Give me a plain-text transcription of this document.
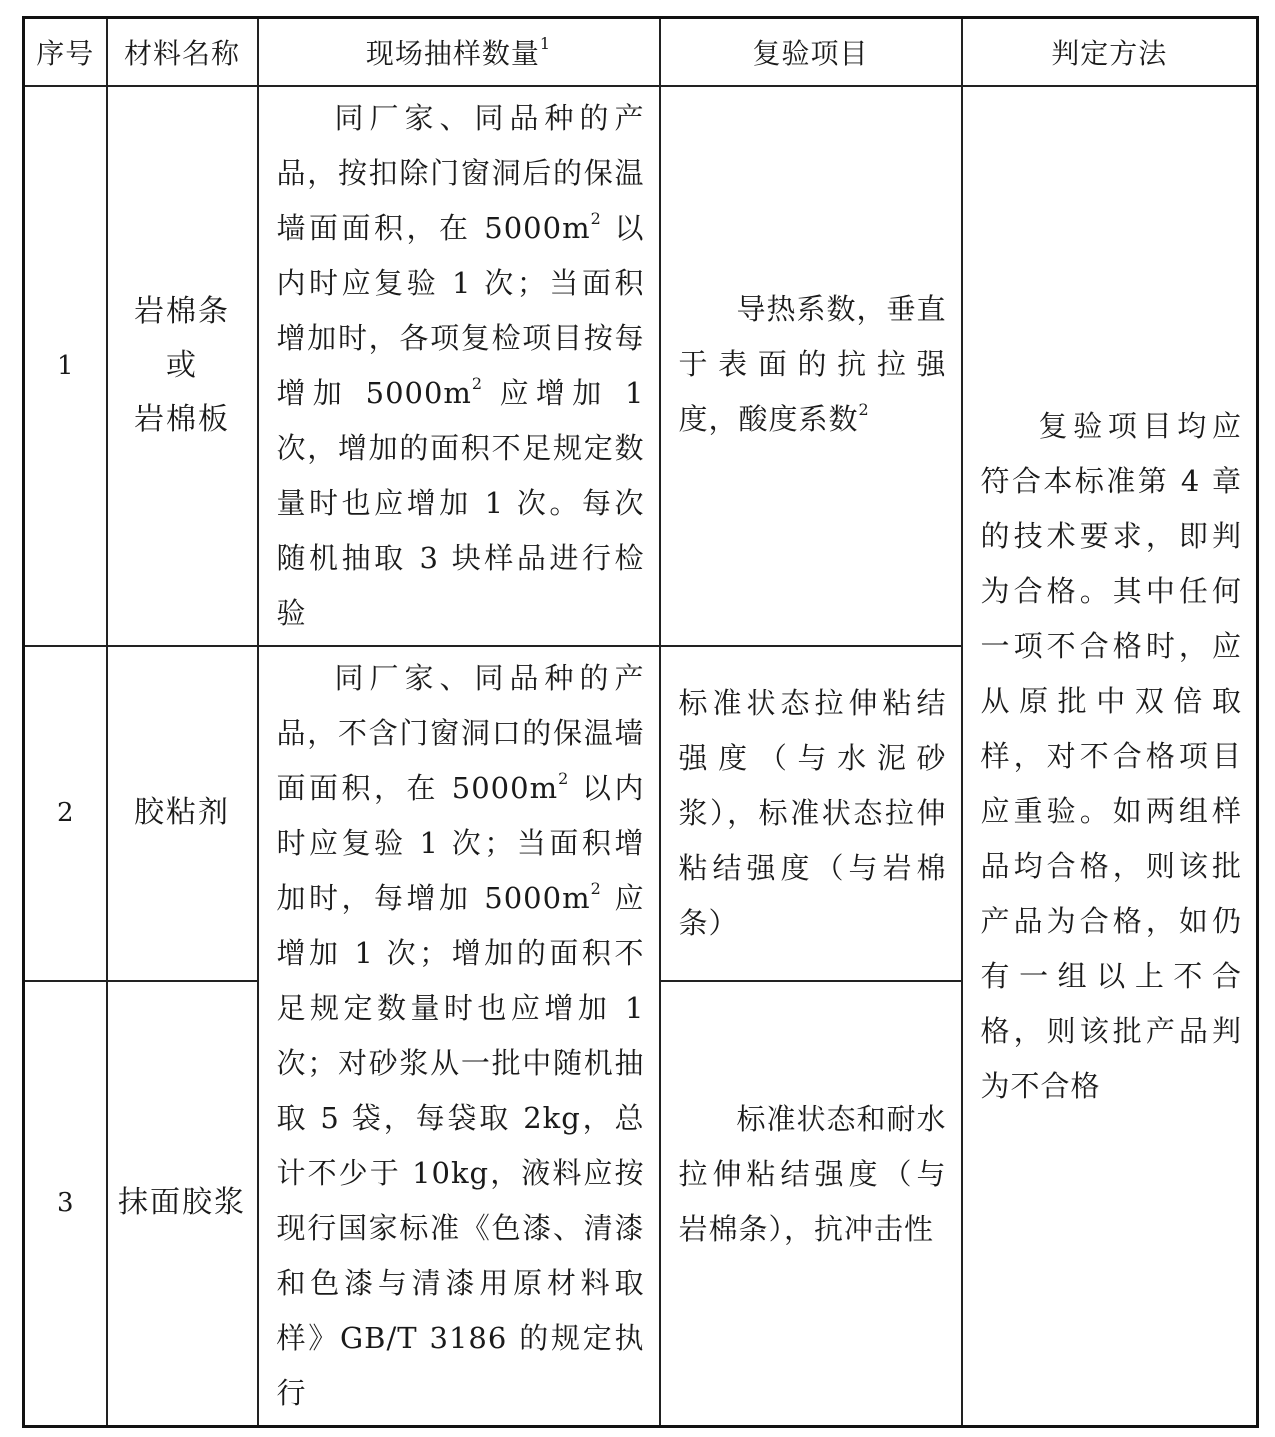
序号	材料名称	现场抽样数量$^1$	复验项目	判定方法
1	岩棉条
或
岩棉板	同厂家、同品种的产品，按扣除门窗洞后的保温墙面面积，在 $5000m^2$ 以内时应复验 1 次；当面积增加时，各项复检项目按每增加 $5000m^2$ 应增加 1 次，增加的面积不足规定数量时也应增加 1 次。每次随机抽取 3 块样品进行检验	导热系数，垂直于表面的抗拉强度，酸度系数$^2$	复验项目均应符合本标准第 4 章的技术要求，即判为合格。其中任何一项不合格时，应从原批中双倍取样，对不合格项目应重验。如两组样品均合格，则该批产品为合格，如仍有一组以上不合格，则该批产品判为不合格

2	胶粘剂	同厂家、同品种的产品，不含门窗洞口的保温墙面面积，在 $5000m^2$ 以内时应复验 1 次；当面积增加时，每增加 $5000m^2$ 应增加 1 次；增加的面积不足规定数量时也应增加 1 次；对砂浆从一批中随机抽取 5 袋，每袋取 2kg，总计不少于 10kg，液料应按现行国家标准《色漆、清漆和色漆与清漆用原材料取样》GB/T 3186 的规定执行	标准状态拉伸粘结强度（与水泥砂浆），标准状态拉伸粘结强度（与岩棉条）	
3	抹面胶浆		标准状态和耐水拉伸粘结强度（与岩棉条），抗冲击性	
